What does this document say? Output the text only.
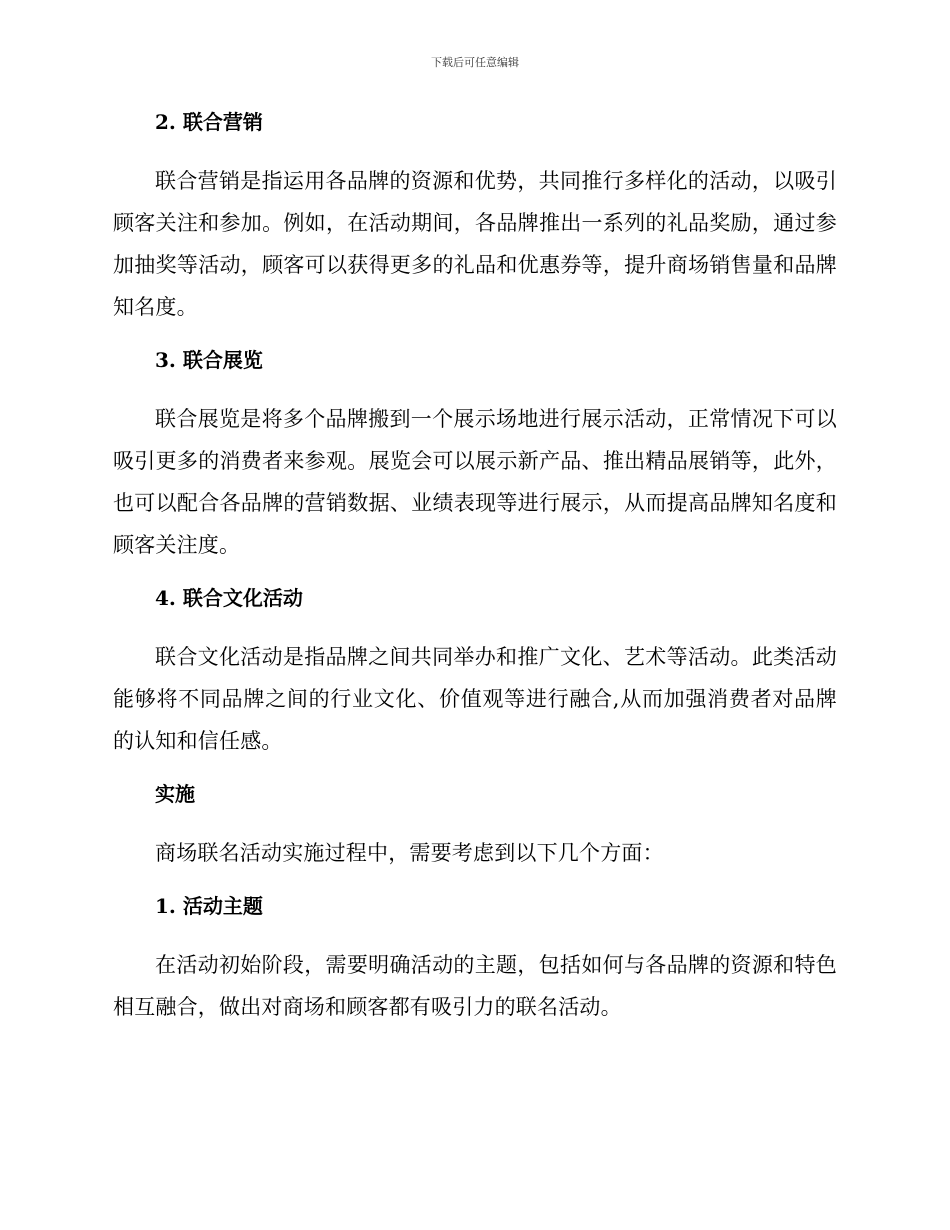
下载后可任意编辑
2. 联合营销

联合营销是指运用各品牌的资源和优势，共同推行多样化的活动，以吸引顾客关注和参加。例如，在活动期间，各品牌推出一系列的礼品奖励，通过参加抽奖等活动，顾客可以获得更多的礼品和优惠券等，提升商场销售量和品牌知名度。

3. 联合展览

联合展览是将多个品牌搬到一个展示场地进行展示活动，正常情况下可以吸引更多的消费者来参观。展览会可以展示新产品、推出精品展销等，此外，也可以配合各品牌的营销数据、业绩表现等进行展示，从而提高品牌知名度和顾客关注度。

4. 联合文化活动

联合文化活动是指品牌之间共同举办和推广文化、艺术等活动。此类活动能够将不同品牌之间的行业文化、价值观等进行融合,从而加强消费者对品牌的认知和信任感。

实施

商场联名活动实施过程中，需要考虑到以下几个方面：

1. 活动主题

在活动初始阶段，需要明确活动的主题，包括如何与各品牌的资源和特色相互融合，做出对商场和顾客都有吸引力的联名活动。
